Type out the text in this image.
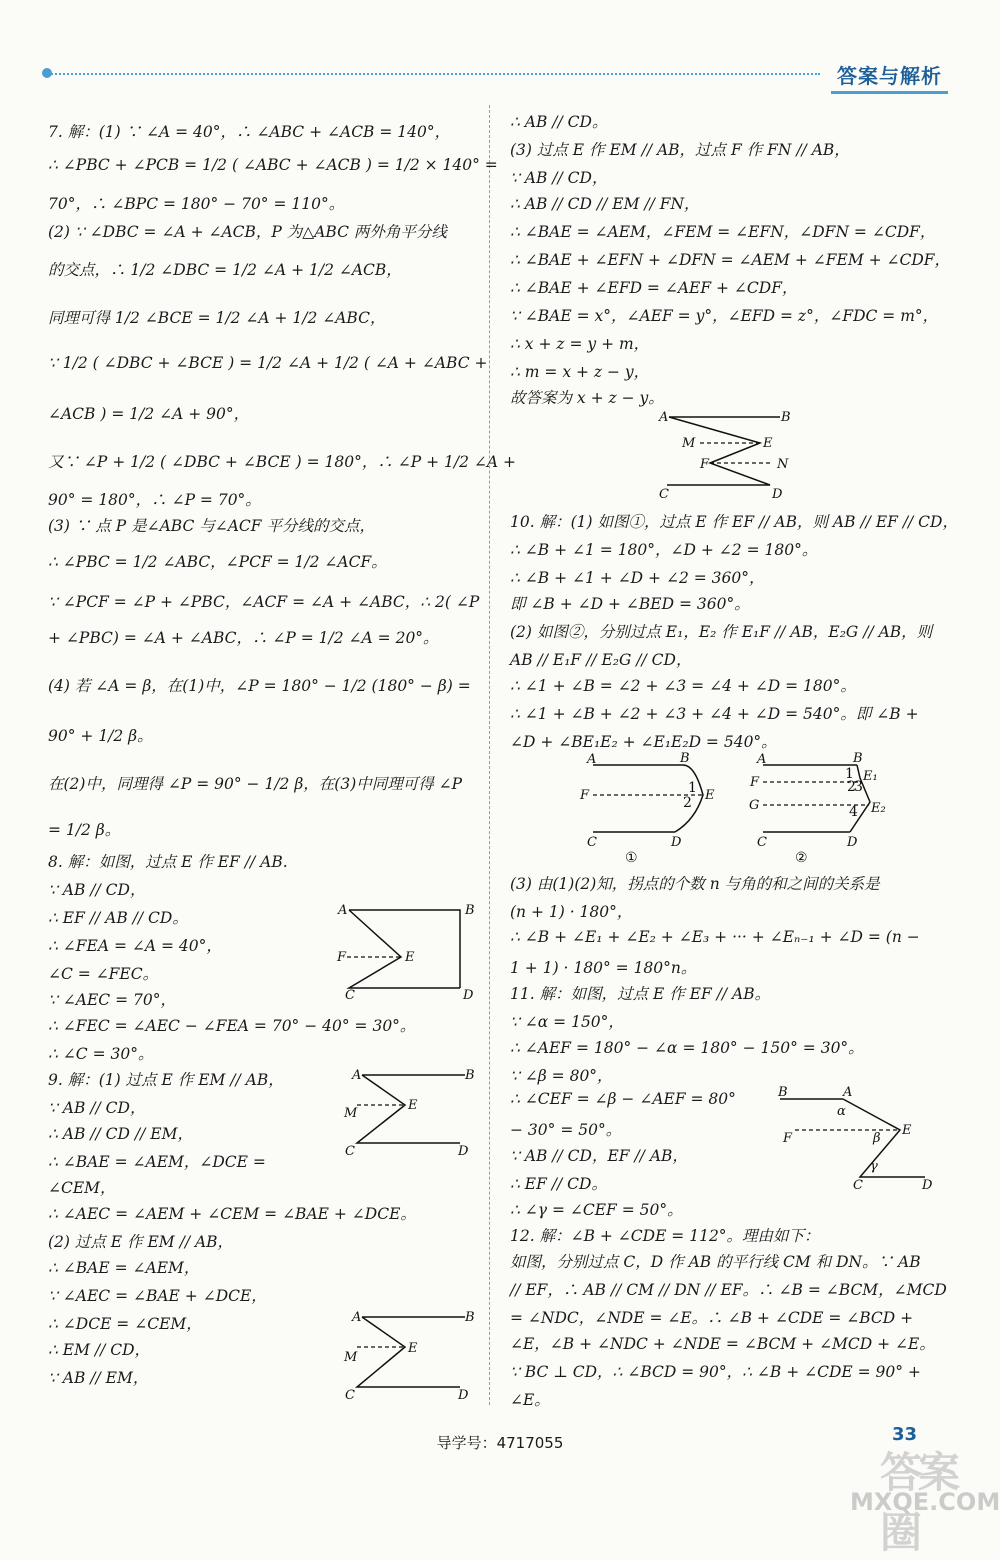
答案与解析
7. 解：(1) ∵ ∠A = 40°，∴ ∠ABC + ∠ACB = 140°，
∴ ∠PBC + ∠PCB = 1/2 ( ∠ABC + ∠ACB ) = 1/2 × 140° =
70°，∴ ∠BPC = 180° − 70° = 110°。
(2) ∵ ∠DBC = ∠A + ∠ACB，P 为△ABC 两外角平分线
的交点，∴ 1/2 ∠DBC = 1/2 ∠A + 1/2 ∠ACB，
同理可得 1/2 ∠BCE = 1/2 ∠A + 1/2 ∠ABC，
∵ 1/2 ( ∠DBC + ∠BCE ) = 1/2 ∠A + 1/2 ( ∠A + ∠ABC +
∠ACB ) = 1/2 ∠A + 90°，
又∵ ∠P + 1/2 ( ∠DBC + ∠BCE ) = 180°，∴ ∠P + 1/2 ∠A +
90° = 180°，∴ ∠P = 70°。
(3) ∵ 点 P 是∠ABC 与∠ACF 平分线的交点，
∴ ∠PBC = 1/2 ∠ABC，∠PCF = 1/2 ∠ACF。
∵ ∠PCF = ∠P + ∠PBC，∠ACF = ∠A + ∠ABC，∴ 2( ∠P
+ ∠PBC) = ∠A + ∠ABC，∴ ∠P = 1/2 ∠A = 20°。
(4) 若 ∠A = β，在(1)中，∠P = 180° − 1/2 (180° − β) =
90° + 1/2 β。
在(2)中，同理得 ∠P = 90° − 1/2 β，在(3)中同理可得 ∠P
= 1/2 β。
8. 解：如图，过点 E 作 EF // AB.
∵ AB // CD，
∴ EF // AB // CD。
∴ ∠FEA = ∠A = 40°，
∠C = ∠FEC。
∵ ∠AEC = 70°，
∴ ∠FEC = ∠AEC − ∠FEA = 70° − 40° = 30°。
∴ ∠C = 30°。
9. 解：(1) 过点 E 作 EM // AB，
∵ AB // CD，
∴ AB // CD // EM，
∴ ∠BAE = ∠AEM，∠DCE =
∠CEM，
∴ ∠AEC = ∠AEM + ∠CEM = ∠BAE + ∠DCE。
(2) 过点 E 作 EM // AB，
∴ ∠BAE = ∠AEM，
∵ ∠AEC = ∠BAE + ∠DCE，
∴ ∠DCE = ∠CEM，
∴ EM // CD，
∵ AB // EM，
∴ AB // CD。
(3) 过点 E 作 EM // AB，过点 F 作 FN // AB，
∵ AB // CD，
∴ AB // CD // EM // FN，
∴ ∠BAE = ∠AEM，∠FEM = ∠EFN，∠DFN = ∠CDF，
∴ ∠BAE + ∠EFN + ∠DFN = ∠AEM + ∠FEM + ∠CDF，
∴ ∠BAE + ∠EFD = ∠AEF + ∠CDF，
∵ ∠BAE = x°，∠AEF = y°，∠EFD = z°，∠FDC = m°，
∴ x + z = y + m，
∴ m = x + z − y，
故答案为 x + z − y。
10. 解：(1) 如图①，过点 E 作 EF // AB，则 AB // EF // CD，
∴ ∠B + ∠1 = 180°，∠D + ∠2 = 180°。
∴ ∠B + ∠1 + ∠D + ∠2 = 360°，
即 ∠B + ∠D + ∠BED = 360°。
(2) 如图②，分别过点 E₁，E₂ 作 E₁F // AB，E₂G // AB，则
AB // E₁F // E₂G // CD，
∴ ∠1 + ∠B = ∠2 + ∠3 = ∠4 + ∠D = 180°。
∴ ∠1 + ∠B + ∠2 + ∠3 + ∠4 + ∠D = 540°。即 ∠B +
∠D + ∠BE₁E₂ + ∠E₁E₂D = 540°。
(3) 由(1)(2)知，拐点的个数 n 与角的和之间的关系是
(n + 1) · 180°，
∴ ∠B + ∠E₁ + ∠E₂ + ∠E₃ + ··· + ∠Eₙ₋₁ + ∠D = (n −
1 + 1) · 180° = 180°n。
11. 解：如图，过点 E 作 EF // AB。
∵ ∠α = 150°，
∴ ∠AEF = 180° − ∠α = 180° − 150° = 30°。
∵ ∠β = 80°，
∴ ∠CEF = ∠β − ∠AEF = 80°
− 30° = 50°。
∵ AB // CD，EF // AB，
∴ EF // CD。
∴ ∠γ = ∠CEF = 50°。
12. 解：∠B + ∠CDE = 112°。理由如下：
如图，分别过点 C，D 作 AB 的平行线 CM 和 DN。∵ AB
// EF，∴ AB // CM // DN // EF。∴ ∠B = ∠BCM，∠MCD
= ∠NDC，∠NDE = ∠E。∴ ∠B + ∠CDE = ∠BCD +
∠E，∠B + ∠NDC + ∠NDE = ∠BCM + ∠MCD + ∠E。
∵ BC ⊥ CD，∴ ∠BCD = 90°，∴ ∠B + ∠CDE = 90° +
∠E。
A	B
F	E
C	D
A	B
M
E
C	D
A	B
M
E
C	D
A	B
M	E
F	N
C	D
A	B
F	E
1
2
C	D
①
A	B
F
G
E₁
E₂
1
2
3
4
C	D
②
B	A
α
F
E
β
γ
C	D
导学号：4717055	33
答案圈
MXQE.COM
